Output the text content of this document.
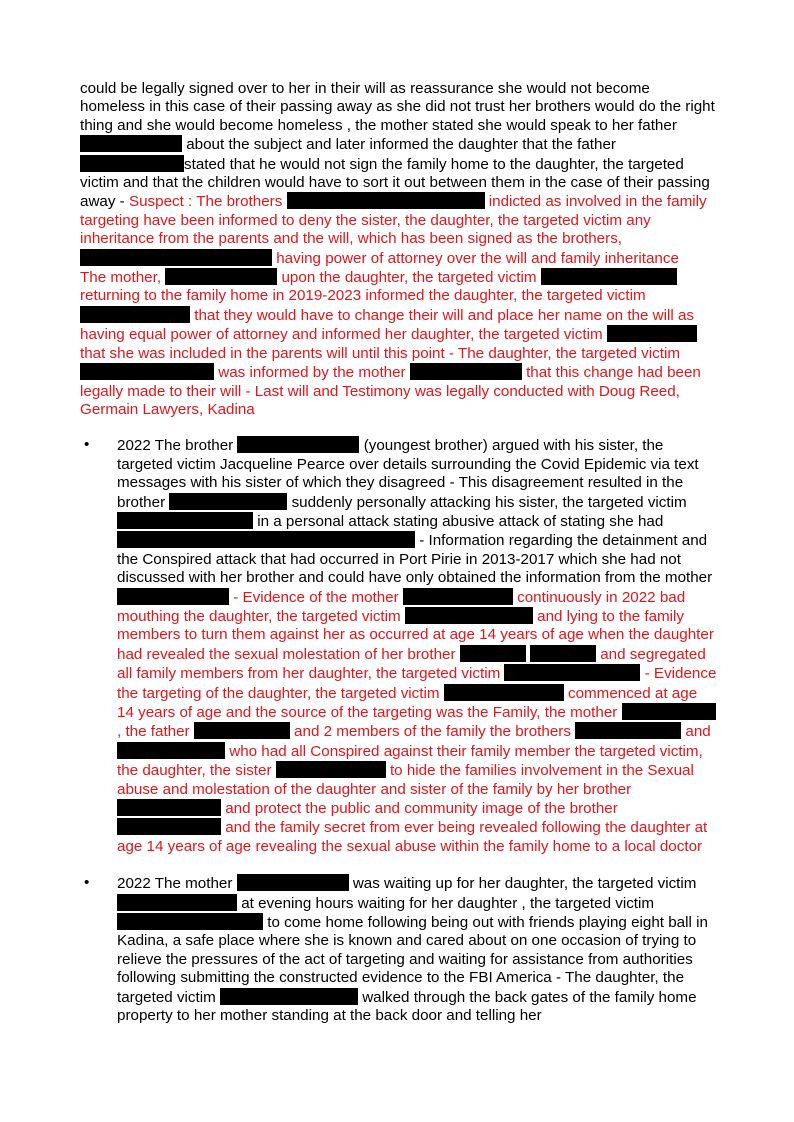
could be legally signed over to her in their will as reassurance she would not become homeless in this case of their passing away as she did not trust her brothers would do the right thing and she would become homeless , the mother stated she would speak to her father about the subject and later informed the daughter that the father stated that he would not sign the family home to the daughter, the targeted victim and that the children would have to sort it out between them in the case of their passing away - Suspect : The brothers	indicted as involved in the family targeting have been informed to deny the sister, the daughter, the targeted victim any inheritance from the parents and the will, which has been signed as the brothers,  having power of attorney over the will and family inheritance
The mother,	upon the daughter, the targeted victim  returning to the family home in 2019-2023 informed the daughter, the targeted victim  that they would have to change their will and place her name on the will as having equal power of attorney and informed her daughter, the targeted victim  that she was included in the parents will until this point - The daughter, the targeted victim  was informed by the mother	that this change had been legally made to their will - Last will and Testimony was legally conducted with Doug Reed, Germain Lawyers, Kadina

• 2022 The brother	(youngest brother) argued with his sister, the targeted victim Jacqueline Pearce over details surrounding the Covid Epidemic via text messages with his sister of which they disagreed - This disagreement resulted in the brother	suddenly personally attacking his sister, the targeted victim  in a personal attack stating abusive attack of stating she had  - Information regarding the detainment and the Conspired attack that had occurred in Port Pirie in 2013-2017 which she had not discussed with her brother and could have only obtained the information from the mother  - Evidence of the mother	continuously in 2022 bad mouthing the daughter, the targeted victim	and lying to the family members to turn them against her as occurred at age 14 years of age when the daughter had revealed the sexual molestation of her brother	and segregated all family members from her daughter, the targeted victim	- Evidence the targeting of the daughter, the targeted victim	commenced at age 14 years of age and the source of the targeting was the Family, the mother , the father	and 2 members of the family the brothers	and  who had all Conspired against their family member the targeted victim, the daughter, the sister	to hide the families involvement in the Sexual abuse and molestation of the daughter and sister of the family by her brother  and protect the public and community image of the brother  and the family secret from ever being revealed following the daughter at age 14 years of age revealing the sexual abuse within the family home to a local doctor
• 2022 The mother	was waiting up for her daughter, the targeted victim  at evening hours waiting for her daughter , the targeted victim  to come home following being out with friends playing eight ball in Kadina, a safe place where she is known and cared about on one occasion of trying to relieve the pressures of the act of targeting and waiting for assistance from authorities following submitting the constructed evidence to the FBI America - The daughter, the targeted victim	walked through the back gates of the family home property to her mother standing at the back door and telling her
